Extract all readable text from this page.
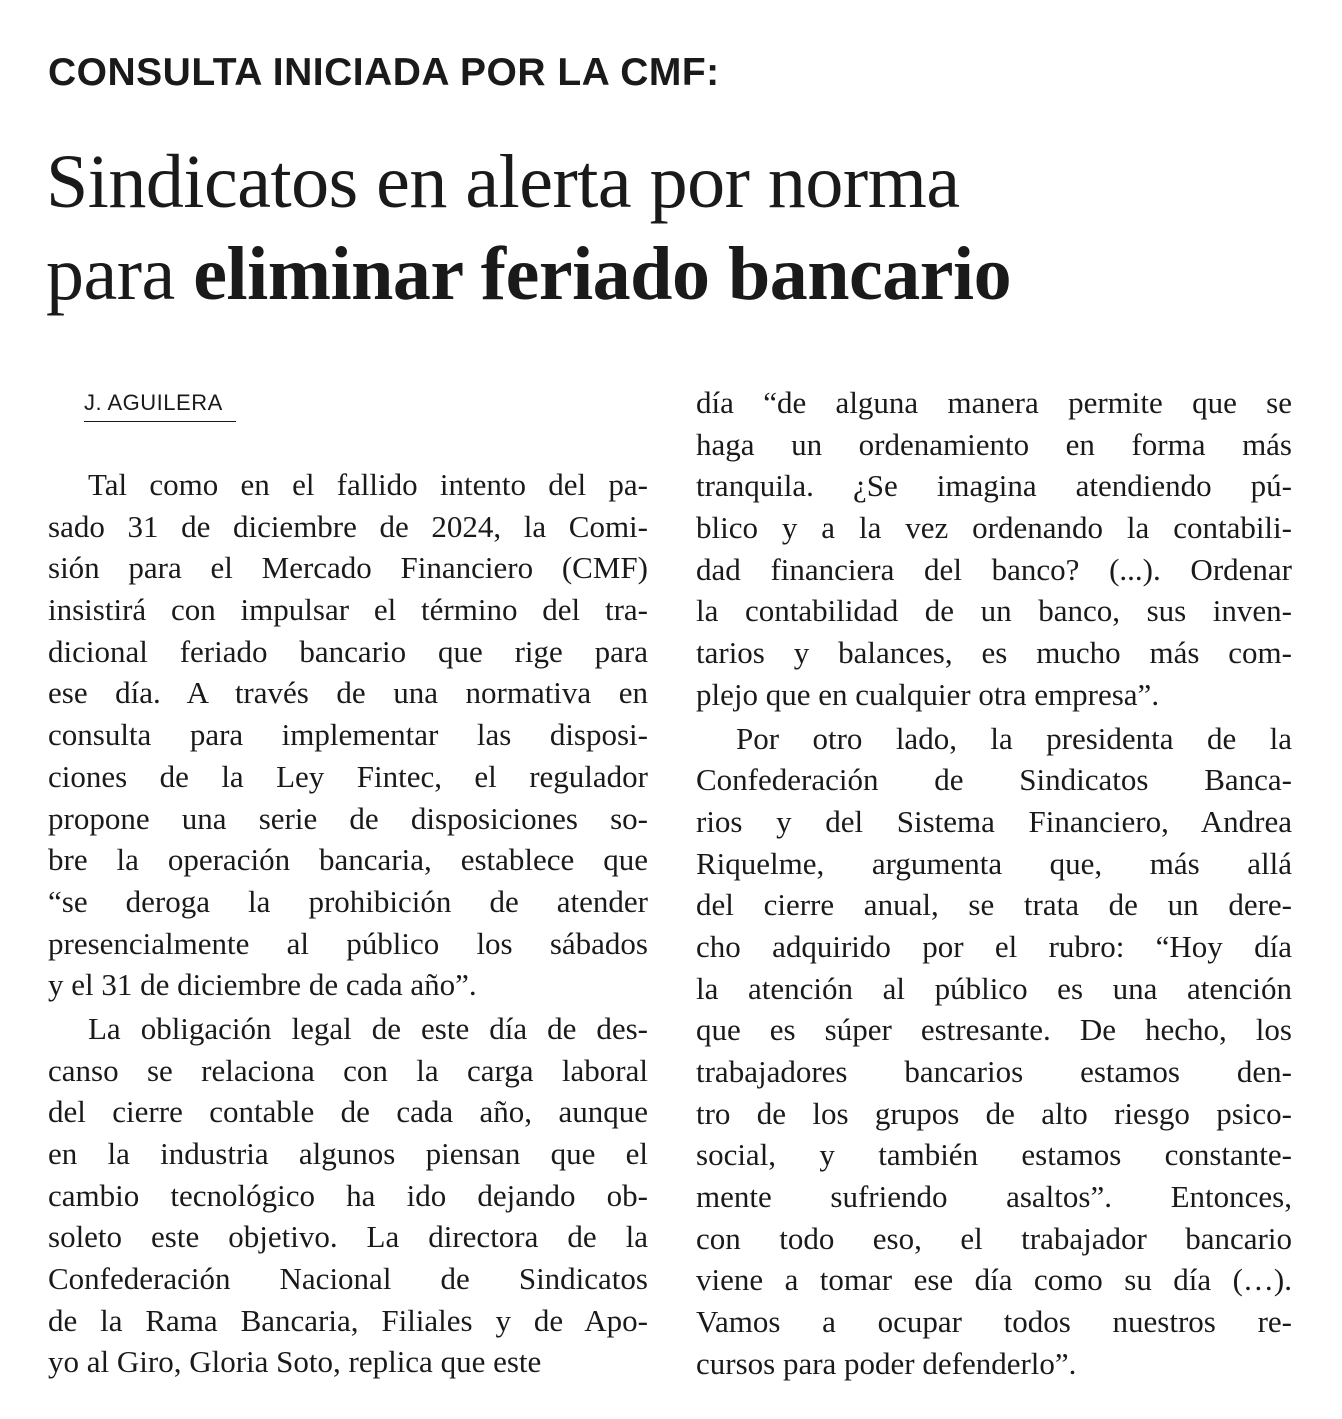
CONSULTA INICIADA POR LA CMF:
Sindicatos en alerta por norma
para eliminar feriado bancario
J. AGUILERA
Tal como en el fallido intento del pa-
sado 31 de diciembre de 2024, la Comi-
sión para el Mercado Financiero (CMF)
insistirá con impulsar el término del tra-
dicional feriado bancario que rige para
ese día. A través de una normativa en
consulta para implementar las disposi-
ciones de la Ley Fintec, el regulador
propone una serie de disposiciones so-
bre la operación bancaria, establece que
“se deroga la prohibición de atender
presencialmente al público los sábados
y el 31 de diciembre de cada año”.
La obligación legal de este día de des-
canso se relaciona con la carga laboral
del cierre contable de cada año, aunque
en la industria algunos piensan que el
cambio tecnológico ha ido dejando ob-
soleto este objetivo. La directora de la
Confederación Nacional de Sindicatos
de la Rama Bancaria, Filiales y de Apo-
yo al Giro, Gloria Soto, replica que este
día “de alguna manera permite que se
haga un ordenamiento en forma más
tranquila. ¿Se imagina atendiendo pú-
blico y a la vez ordenando la contabili-
dad financiera del banco? (...). Ordenar
la contabilidad de un banco, sus inven-
tarios y balances, es mucho más com-
plejo que en cualquier otra empresa”.
Por otro lado, la presidenta de la
Confederación de Sindicatos Banca-
rios y del Sistema Financiero, Andrea
Riquelme, argumenta que, más allá
del cierre anual, se trata de un dere-
cho adquirido por el rubro: “Hoy día
la atención al público es una atención
que es súper estresante. De hecho, los
trabajadores bancarios estamos den-
tro de los grupos de alto riesgo psico-
social, y también estamos constante-
mente sufriendo asaltos”. Entonces,
con todo eso, el trabajador bancario
viene a tomar ese día como su día (…).
Vamos a ocupar todos nuestros re-
cursos para poder defenderlo”.
